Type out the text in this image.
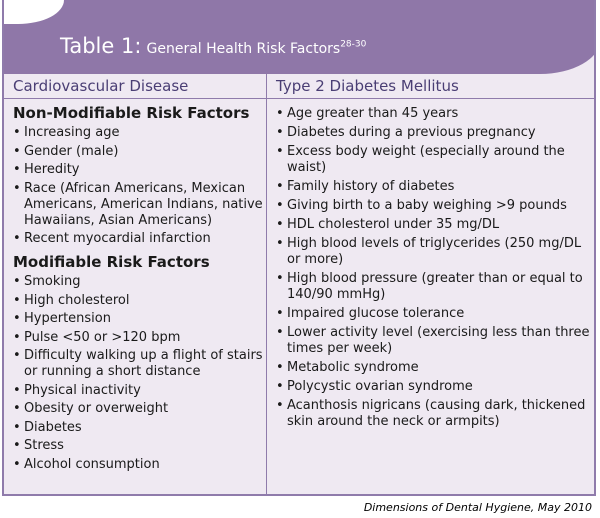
Table 1: General Health Risk Factors$^{28-30}$
Cardiovascular Disease	Type 2 Diabetes Mellitus
Non-Modifiable Risk Factors
• Increasing age
• Gender (male)
• Heredity
• Race (African Americans, Mexican Americans, American Indians, native Hawaiians, Asian Americans)
• Recent myocardial infarction
Modifiable Risk Factors
• Smoking
• High cholesterol
• Hypertension
• Pulse <50 or >120 bpm
• Difficulty walking up a flight of stairs or running a short distance
• Physical inactivity
• Obesity or overweight
• Diabetes
• Stress
• Alcohol consumption
• Age greater than 45 years
• Diabetes during a previous pregnancy
• Excess body weight (especially around the waist)
• Family history of diabetes
• Giving birth to a baby weighing >9 pounds
• HDL cholesterol under 35 mg/DL
• High blood levels of triglycerides (250 mg/DL or more)
• High blood pressure (greater than or equal to 140/90 mmHg)
• Impaired glucose tolerance
• Lower activity level (exercising less than three times per week)
• Metabolic syndrome
• Polycystic ovarian syndrome
• Acanthosis nigricans (causing dark, thickened skin around the neck or armpits)
Dimensions of Dental Hygiene, May 2010
